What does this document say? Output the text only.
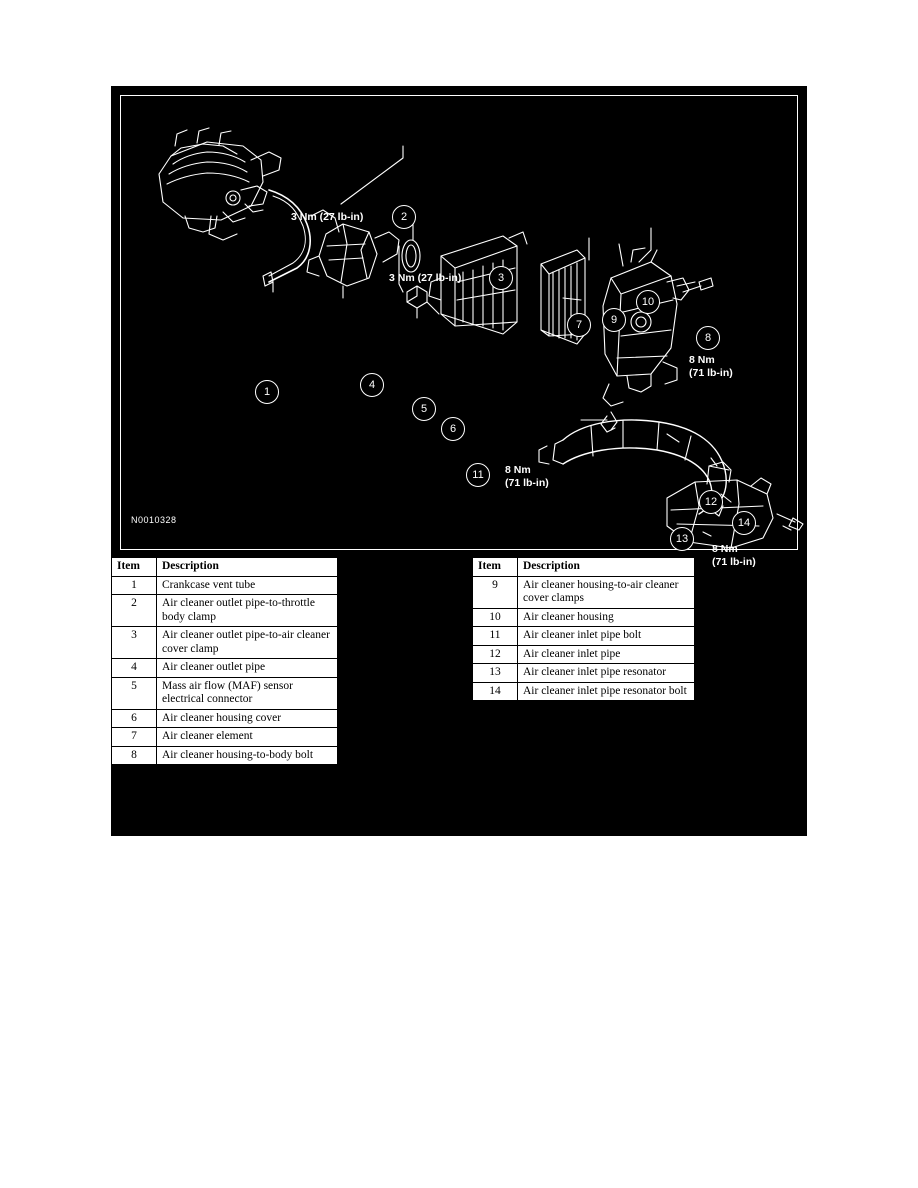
1
2
3
4
5
6
7
8
9
10
11
12
13
14
3 Nm (27 lb-in)
3 Nm (27 lb-in)
8 Nm
(71 lb-in)
8 Nm
(71 lb-in)
8 Nm
(71 lb-in)
N0010328
Item	Description
1	Crankcase vent tube
2	Air cleaner outlet pipe-to-throttle body clamp
3	Air cleaner outlet pipe-to-air cleaner cover clamp
4	Air cleaner outlet pipe
5	Mass air flow (MAF) sensor electrical connector
6	Air cleaner housing cover
7	Air cleaner element
8	Air cleaner housing-to-body bolt
Item	Description
9	Air cleaner housing-to-air cleaner cover clamps
10	Air cleaner housing
11	Air cleaner inlet pipe bolt
12	Air cleaner inlet pipe
13	Air cleaner inlet pipe resonator
14	Air cleaner inlet pipe resonator bolt
(Continued)
